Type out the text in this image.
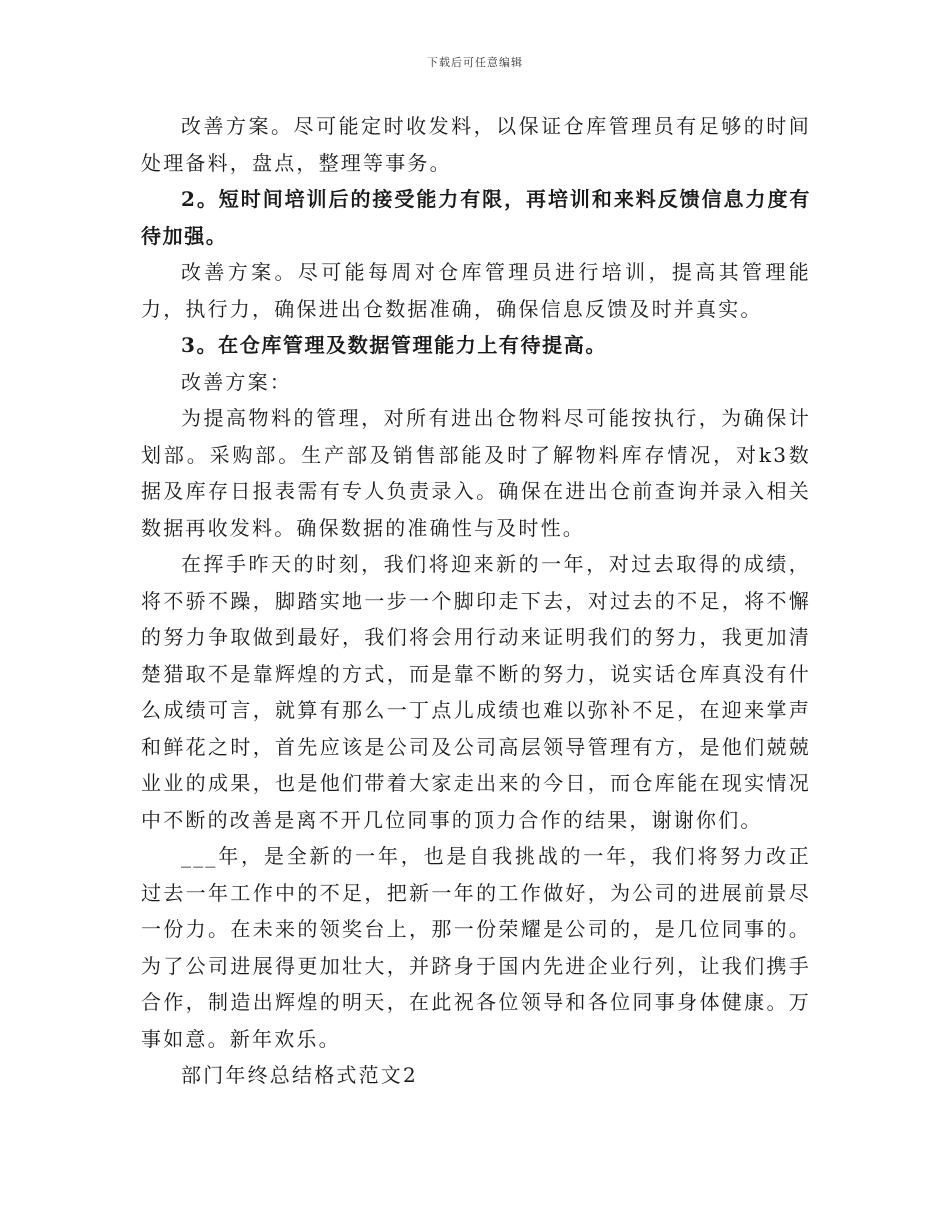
下载后可任意编辑

改善方案。尽可能定时收发料，以保证仓库管理员有足够的时间处理备料，盘点，整理等事务。

2。短时间培训后的接受能力有限，再培训和来料反馈信息力度有待加强。

改善方案。尽可能每周对仓库管理员进行培训，提高其管理能力，执行力，确保进出仓数据准确，确保信息反馈及时并真实。

3。在仓库管理及数据管理能力上有待提高。

改善方案：

为提高物料的管理，对所有进出仓物料尽可能按执行，为确保计划部。采购部。生产部及销售部能及时了解物料库存情况，对k3数据及库存日报表需有专人负责录入。确保在进出仓前查询并录入相关数据再收发料。确保数据的准确性与及时性。

在挥手昨天的时刻，我们将迎来新的一年，对过去取得的成绩，将不骄不躁，脚踏实地一步一个脚印走下去，对过去的不足，将不懈的努力争取做到最好，我们将会用行动来证明我们的努力，我更加清楚猎取不是靠辉煌的方式，而是靠不断的努力，说实话仓库真没有什么成绩可言，就算有那么一丁点儿成绩也难以弥补不足，在迎来掌声和鲜花之时，首先应该是公司及公司高层领导管理有方，是他们兢兢业业的成果，也是他们带着大家走出来的今日，而仓库能在现实情况中不断的改善是离不开几位同事的顶力合作的结果，谢谢你们。

___年，是全新的一年，也是自我挑战的一年，我们将努力改正过去一年工作中的不足，把新一年的工作做好，为公司的进展前景尽一份力。在未来的领奖台上，那一份荣耀是公司的，是几位同事的。为了公司进展得更加壮大，并跻身于国内先进企业行列，让我们携手合作，制造出辉煌的明天，在此祝各位领导和各位同事身体健康。万事如意。新年欢乐。

部门年终总结格式范文2
